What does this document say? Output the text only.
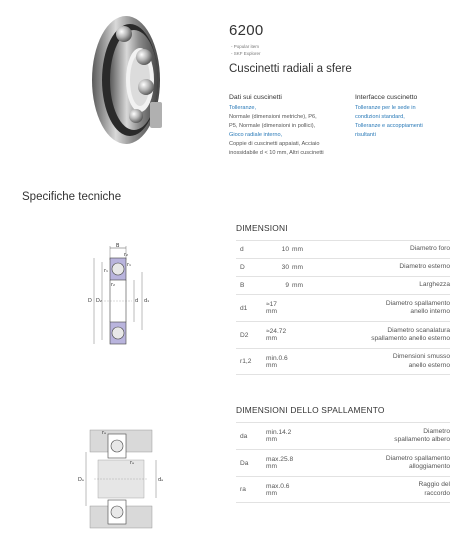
6200
- Popular item
- SKF Explorer
Cuscinetti radiali a sfere
Dati sui cuscinetti
Tolleranze,
Normale (dimensioni metriche), P6,
P5, Normale (dimensioni in pollici),
Gioco radiale interno,
Coppie di cuscinetti appaiati, Acciaio
inossidabile d < 10 mm, Altri cuscinetti
Interfacce cuscinetto
Tolleranze per le sede in
condizioni standard,
Tolleranze e accoppiamenti
risultanti
Specifiche tecniche
B
r₂
r₁
r₁
r₂
D D₂	d d₁
DIMENSIONI
d	10 mm	Diametro foro
D	30 mm	Diametro esterno
B	9 mm	Larghezza
d1	≈17
mm
Diametro spallamento
anello interno
D2	≈24.72
mm
Diametro scanalatura
spallamento anello esterno
r1,2	min.0.6
mm
Dimensioni smusso
anello esterno
rₐ
rₐ
Dₐ	dₐ
DIMENSIONI DELLO SPALLAMENTO
da	min.14.2
mm
Diametro
spallamento albero
Da	max.25.8
mm
Diametro spallamento
alloggiamento
ra	max.0.6
mm
Raggio del
raccordo
